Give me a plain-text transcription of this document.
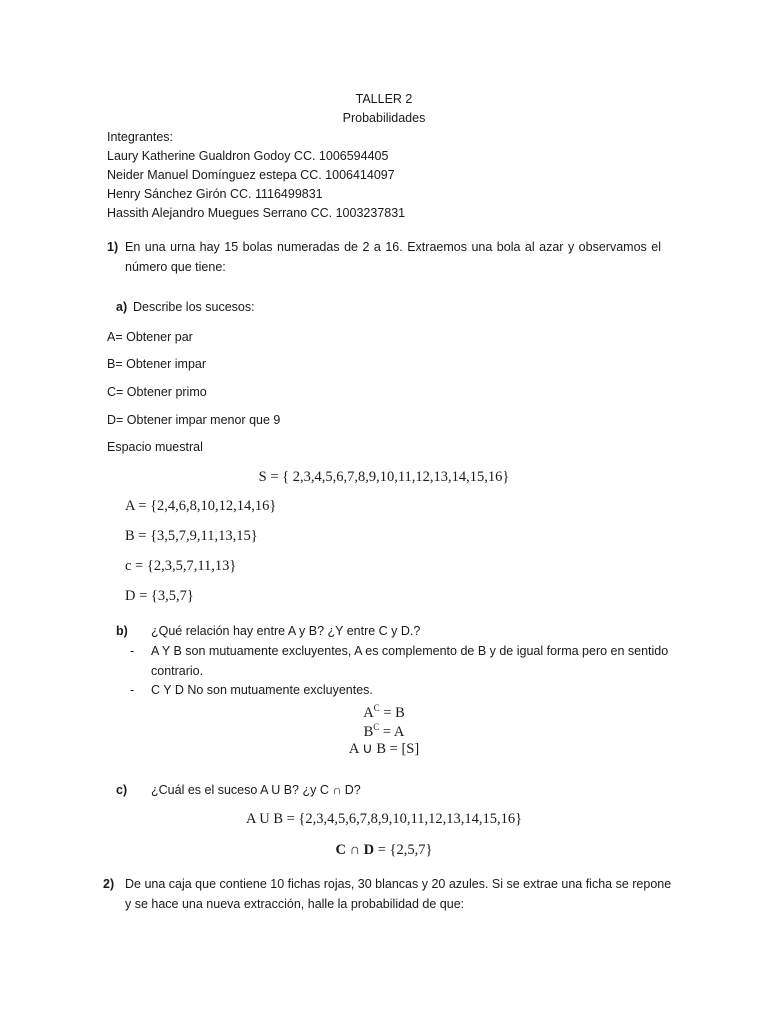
TALLER 2
Probabilidades
Integrantes:
Laury Katherine Gualdron Godoy CC. 1006594405
Neider Manuel Domínguez estepa CC. 1006414097
Henry Sánchez Girón CC. 1116499831
Hassith Alejandro Muegues Serrano CC. 1003237831
1) En una urna hay 15 bolas numeradas de 2 a 16. Extraemos una bola al azar y observamos el
número que tiene:
a) Describe los sucesos:
A= Obtener par
B= Obtener impar
C= Obtener primo
D= Obtener impar menor que 9
Espacio muestral
S = { 2,3,4,5,6,7,8,9,10,11,12,13,14,15,16}
A = {2,4,6,8,10,12,14,16}
B = {3,5,7,9,11,13,15}
c = {2,3,5,7,11,13}
D = {3,5,7}
b) ¿Qué relación hay entre A y B? ¿Y entre C y D.?
- A Y B son mutuamente excluyentes, A es complemento de B y de igual forma pero en sentido
contrario.
- C Y D No son mutuamente excluyentes.
$A^C = B$
$B^C = A$
A ∪ B = [S]
c) ¿Cuál es el suceso A U B? ¿y C ∩ D?
A U B = {2,3,4,5,6,7,8,9,10,11,12,13,14,15,16}
C ∩ D = {2,5,7}
2) De una caja que contiene 10 fichas rojas, 30 blancas y 20 azules. Si se extrae una ficha se repone
y se hace una nueva extracción, halle la probabilidad de que:
